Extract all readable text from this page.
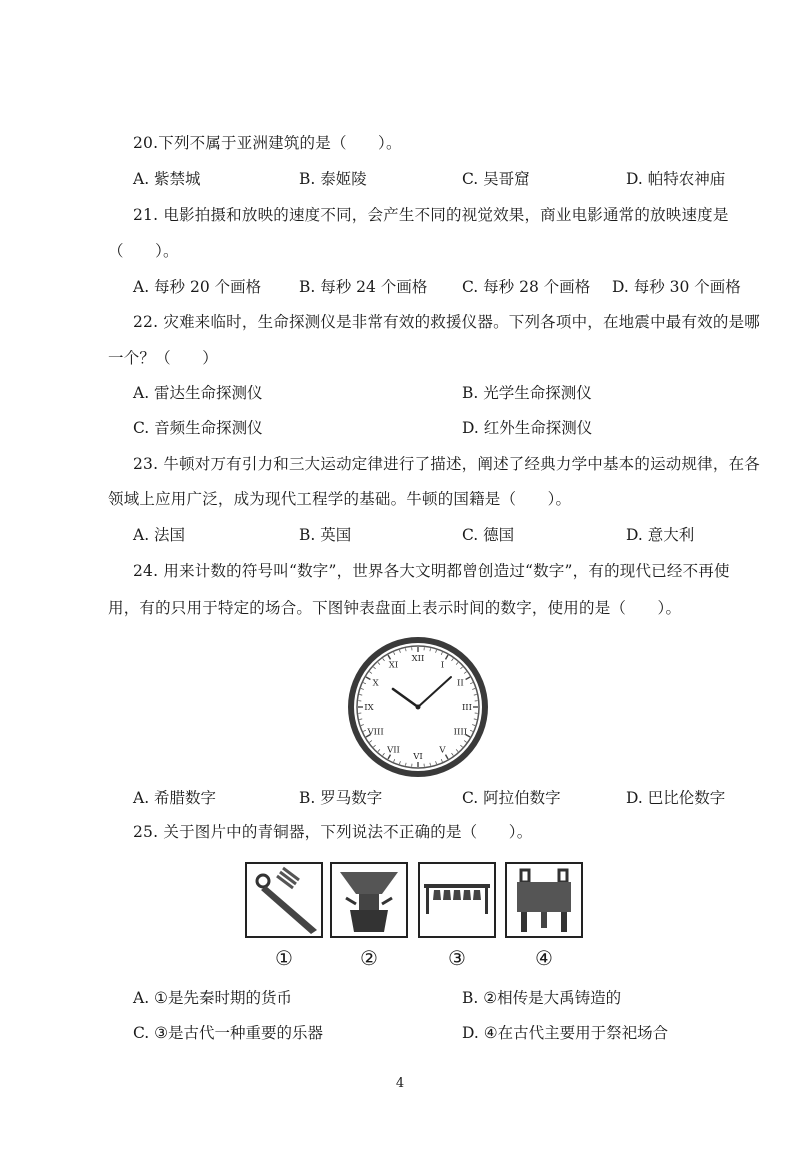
20.下列不属于亚洲建筑的是（　　）。
A. 紫禁城	B. 泰姬陵	C. 吴哥窟	D. 帕特农神庙
21. 电影拍摄和放映的速度不同，会产生不同的视觉效果，商业电影通常的放映速度是
（　　）。
A. 每秒 20 个画格 B. 每秒 24 个画格 C. 每秒 28 个画格 D. 每秒 30 个画格
22. 灾难来临时，生命探测仪是非常有效的救援仪器。下列各项中，在地震中最有效的是哪
一个？（　　）
A. 雷达生命探测仪	B. 光学生命探测仪
C. 音频生命探测仪	D. 红外生命探测仪
23. 牛顿对万有引力和三大运动定律进行了描述，阐述了经典力学中基本的运动规律，在各
领域上应用广泛，成为现代工程学的基础。牛顿的国籍是（　　）。
A. 法国	B. 英国	C. 德国	D. 意大利
24. 用来计数的符号叫“数字”，世界各大文明都曾创造过“数字”，有的现代已经不再使
用，有的只用于特定的场合。下图钟表盘面上表示时间的数字，使用的是（　　）。
XII
I
II
III
IIII
V
VI
VII
VIII
IX
X
XI
A. 希腊数字	B. 罗马数字	C. 阿拉伯数字	D. 巴比伦数字
25. 关于图片中的青铜器，下列说法不正确的是（　　）。
①	②	③	④
A. ①是先秦时期的货币	B. ②相传是大禹铸造的
C. ③是古代一种重要的乐器	D. ④在古代主要用于祭祀场合
4
